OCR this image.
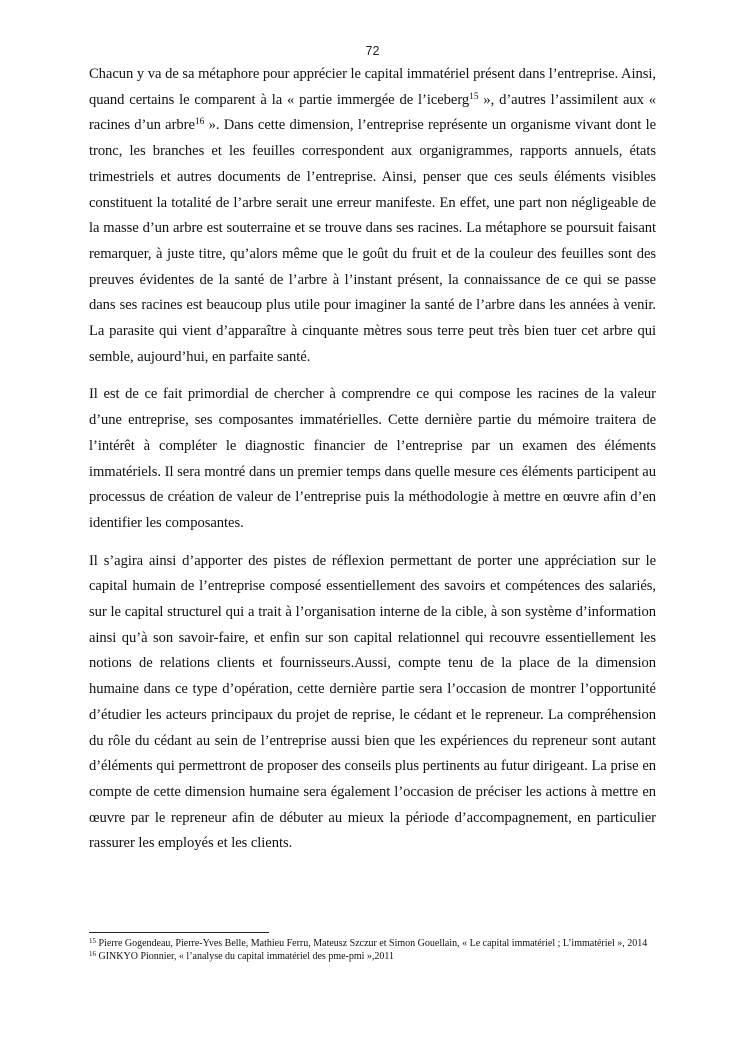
72

Chacun y va de sa métaphore pour apprécier le capital immatériel présent dans l’entreprise. Ainsi, quand certains le comparent à la « partie immergée de l’iceberg$^{15}$ », d’autres l’assimilent aux « racines d’un arbre$^{16}$ ». Dans cette dimension, l’entreprise représente un organisme vivant dont le tronc, les branches et les feuilles correspondent aux organigrammes, rapports annuels, états trimestriels et autres documents de l’entreprise. Ainsi, penser que ces seuls éléments visibles constituent la totalité de l’arbre serait une erreur manifeste. En effet, une part non négligeable de la masse d’un arbre est souterraine et se trouve dans ses racines. La métaphore se poursuit faisant remarquer, à juste titre, qu’alors même que le goût du fruit et de la couleur des feuilles sont des preuves évidentes de la santé de l’arbre à l’instant présent, la connaissance de ce qui se passe dans ses racines est beaucoup plus utile pour imaginer la santé de l’arbre dans les années à venir. La parasite qui vient d’apparaître à cinquante mètres sous terre peut très bien tuer cet arbre qui semble, aujourd’hui, en parfaite santé.

Il est de ce fait primordial de chercher à comprendre ce qui compose les racines de la valeur d’une entreprise, ses composantes immatérielles. Cette dernière partie du mémoire traitera de l’intérêt à compléter le diagnostic financier de l’entreprise par un examen des éléments immatériels. Il sera montré dans un premier temps dans quelle mesure ces éléments participent au processus de création de valeur de l’entreprise puis la méthodologie à mettre en œuvre afin d’en identifier les composantes.

Il s’agira ainsi d’apporter des pistes de réflexion permettant de porter une appréciation sur le capital humain de l’entreprise composé essentiellement des savoirs et compétences des salariés, sur le capital structurel qui a trait à l’organisation interne de la cible, à son système d’information ainsi qu’à son savoir-faire, et enfin sur son capital relationnel qui recouvre essentiellement les notions de relations clients et fournisseurs.Aussi, compte tenu de la place de la dimension humaine dans ce type d’opération, cette dernière partie sera l’occasion de montrer l’opportunité d’étudier les acteurs principaux du projet de reprise, le cédant et le repreneur. La compréhension du rôle du cédant au sein de l’entreprise aussi bien que les expériences du repreneur sont autant d’éléments qui permettront de proposer des conseils plus pertinents au futur dirigeant. La prise en compte de cette dimension humaine sera également l’occasion de préciser les actions à mettre en œuvre par le repreneur afin de débuter au mieux la période d’accompagnement, en particulier rassurer les employés et les clients.

$^{15}$ Pierre Gogendeau, Pierre-Yves Belle, Mathieu Ferru, Mateusz Szczur et Simon Gouellain, « Le capital immatériel ; L’immatériel », 2014

$^{16}$ GINKYO Pionnier, « l’analyse du capital immatériel des pme-pmi »,2011
